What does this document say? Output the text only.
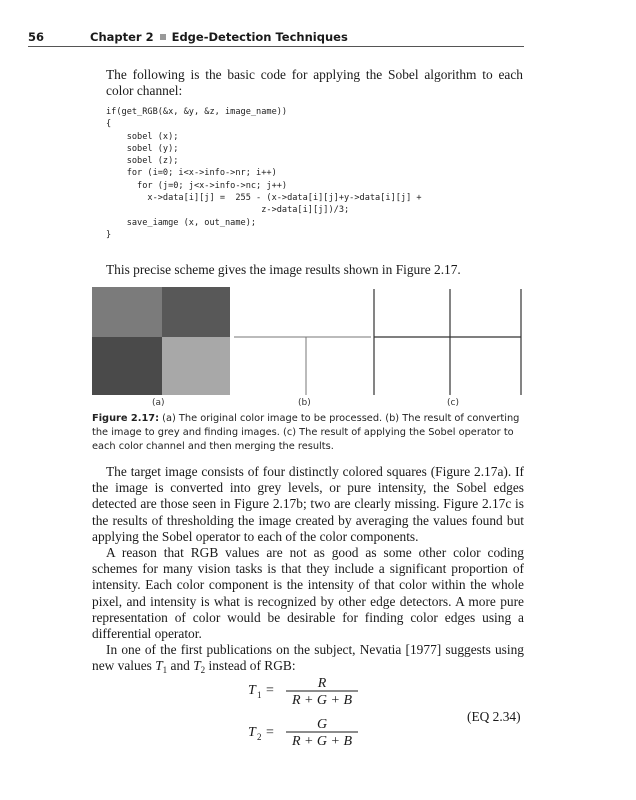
56	Chapter 2 Edge-Detection Techniques
The following is the basic code for applying the Sobel algorithm to each color channel:
if(get_RGB(&x, &y, &z, image_name))
{
sobel (x);
sobel (y);
sobel (z);
for (i=0; i<x->info->nr; i++)
for (j=0; j<x->info->nc; j++)
x->data[i][j] =  255 - (x->data[i][j]+y->data[i][j] +
z->data[i][j])/3;
save_iamge (x, out_name);
}
This precise scheme gives the image results shown in Figure 2.17.
(a)	(b)	(c)
Figure 2.17: (a) The original color image to be processed. (b) The result of converting the image to grey and finding images. (c) The result of applying the Sobel operator to each color channel and then merging the results.

The target image consists of four distinctly colored squares (Figure 2.17a). If the image is converted into grey levels, or pure intensity, the Sobel edges detected are those seen in Figure 2.17b; two are clearly missing. Figure 2.17c is the results of thresholding the image created by averaging the values found but applying the Sobel operator to each of the color components.

A reason that RGB values are not as good as some other color coding schemes for many vision tasks is that they include a significant proportion of intensity. Each color component is the intensity of that color within the whole pixel, and intensity is what is recognized by other edge detectors. A more pure representation of color would be desirable for finding color edges using a differential operator.

In one of the first publications on the subject, Nevatia [1977] suggests using new values $T_1$ and $T_2$ instead of RGB:

T 1 =	R
R + G + B
T 2 =
G
R + G + B
(EQ 2.34)
